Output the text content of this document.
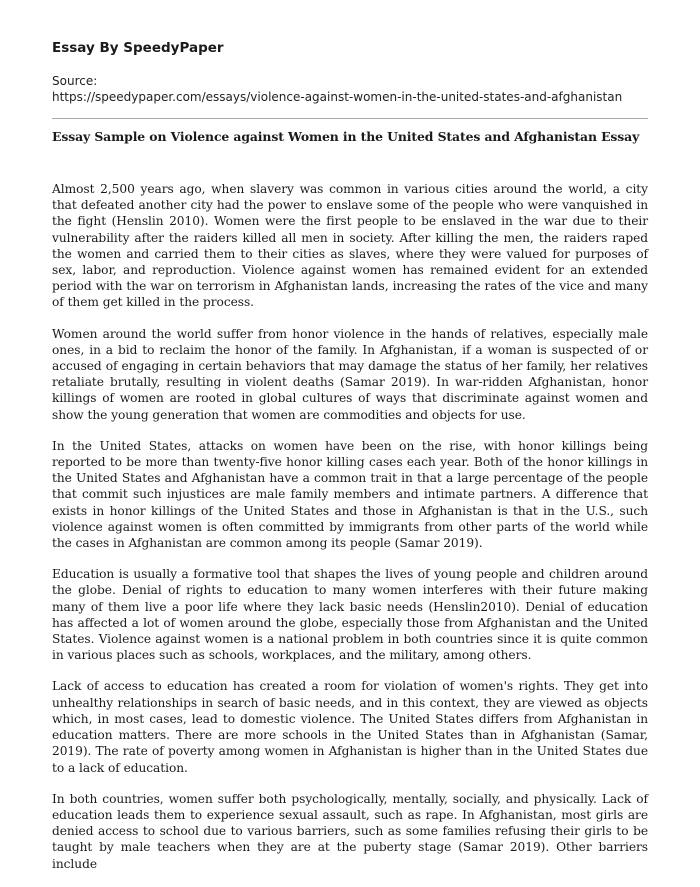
Essay By SpeedyPaper

Source:

https://speedypaper.com/essays/violence-against-women-in-the-united-states-and-afghanistan

Essay Sample on Violence against Women in the United States and Afghanistan Essay

Almost 2,500 years ago, when slavery was common in various cities around the world, a city that defeated another city had the power to enslave some of the people who were vanquished in the fight (Henslin 2010). Women were the first people to be enslaved in the war due to their vulnerability after the raiders killed all men in society. After killing the men, the raiders raped the women and carried them to their cities as slaves, where they were valued for purposes of sex, labor, and reproduction. Violence against women has remained evident for an extended period with the war on terrorism in Afghanistan lands, increasing the rates of the vice and many of them get killed in the process.

Women around the world suffer from honor violence in the hands of relatives, especially male ones, in a bid to reclaim the honor of the family. In Afghanistan, if a woman is suspected of or accused of engaging in certain behaviors that may damage the status of her family, her relatives retaliate brutally, resulting in violent deaths (Samar 2019). In war-ridden Afghanistan, honor killings of women are rooted in global cultures of ways that discriminate against women and show the young generation that women are commodities and objects for use.

In the United States, attacks on women have been on the rise, with honor killings being reported to be more than twenty-five honor killing cases each year. Both of the honor killings in the United States and Afghanistan have a common trait in that a large percentage of the people that commit such injustices are male family members and intimate partners. A difference that exists in honor killings of the United States and those in Afghanistan is that in the U.S., such violence against women is often committed by immigrants from other parts of the world while the cases in Afghanistan are common among its people (Samar 2019).

Education is usually a formative tool that shapes the lives of young people and children around the globe. Denial of rights to education to many women interferes with their future making many of them live a poor life where they lack basic needs (Henslin2010). Denial of education has affected a lot of women around the globe, especially those from Afghanistan and the United States. Violence against women is a national problem in both countries since it is quite common in various places such as schools, workplaces, and the military, among others.

Lack of access to education has created a room for violation of women's rights. They get into unhealthy relationships in search of basic needs, and in this context, they are viewed as objects which, in most cases, lead to domestic violence. The United States differs from Afghanistan in education matters. There are more schools in the United States than in Afghanistan (Samar, 2019). The rate of poverty among women in Afghanistan is higher than in the United States due to a lack of education.

In both countries, women suffer both psychologically, mentally, socially, and physically. Lack of education leads them to experience sexual assault, such as rape. In Afghanistan, most girls are denied access to school due to various barriers, such as some families refusing their girls to be taught by male teachers when they are at the puberty stage (Samar 2019). Other barriers include
